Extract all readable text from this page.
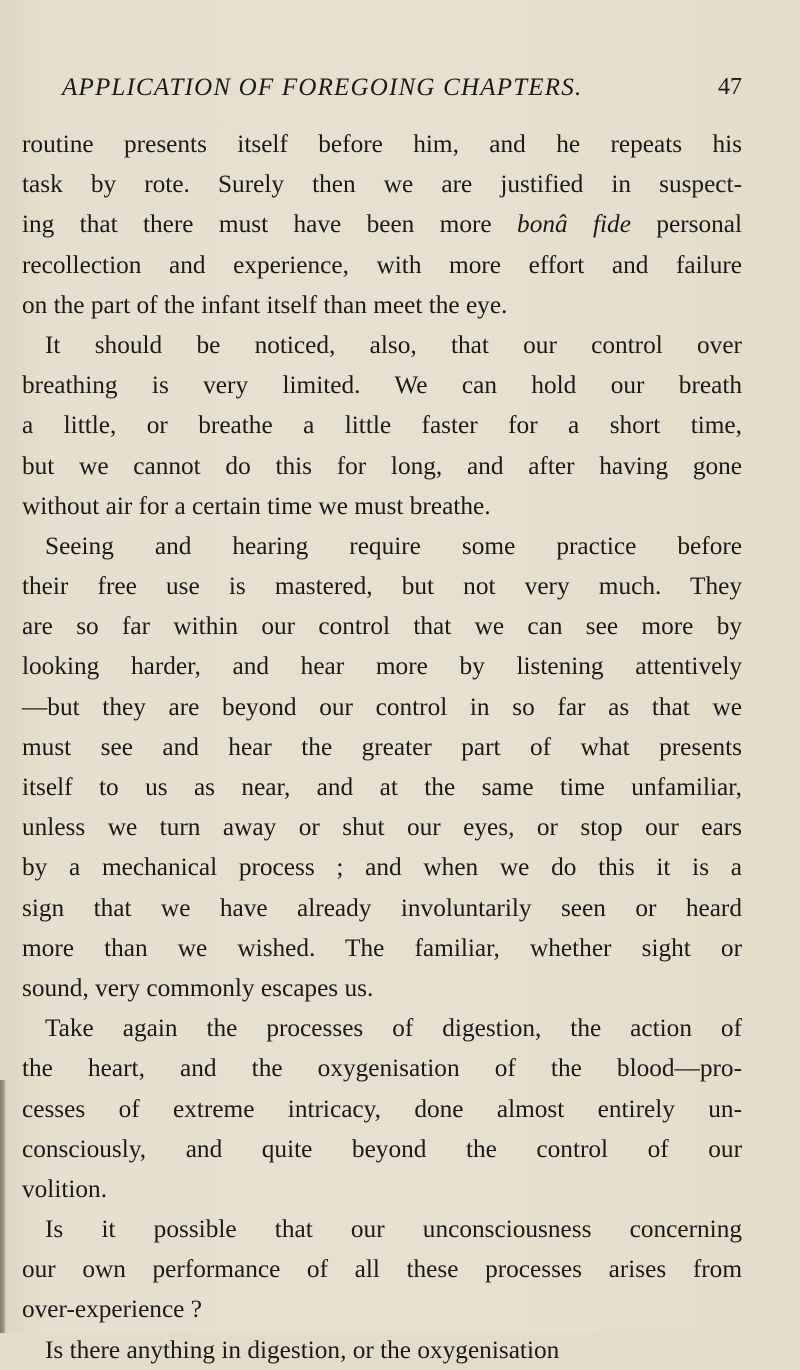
APPLICATION OF FOREGOING CHAPTERS.	47
routine presents itself before him, and he repeats his
task by rote. Surely then we are justified in suspect-
ing that there must have been more bonâ fide personal
recollection and experience, with more effort and failure
on the part of the infant itself than meet the eye.
It should be noticed, also, that our control over
breathing is very limited. We can hold our breath
a little, or breathe a little faster for a short time,
but we cannot do this for long, and after having gone
without air for a certain time we must breathe.
Seeing and hearing require some practice before
their free use is mastered, but not very much. They
are so far within our control that we can see more by
looking harder, and hear more by listening attentively
—but they are beyond our control in so far as that we
must see and hear the greater part of what presents
itself to us as near, and at the same time unfamiliar,
unless we turn away or shut our eyes, or stop our ears
by a mechanical process ; and when we do this it is a
sign that we have already involuntarily seen or heard
more than we wished. The familiar, whether sight or
sound, very commonly escapes us.
Take again the processes of digestion, the action of
the heart, and the oxygenisation of the blood—pro-
cesses of extreme intricacy, done almost entirely un-
consciously, and quite beyond the control of our
volition.
Is it possible that our unconsciousness concerning
our own performance of all these processes arises from
over-experience ?
Is there anything in digestion, or the oxygenisation
